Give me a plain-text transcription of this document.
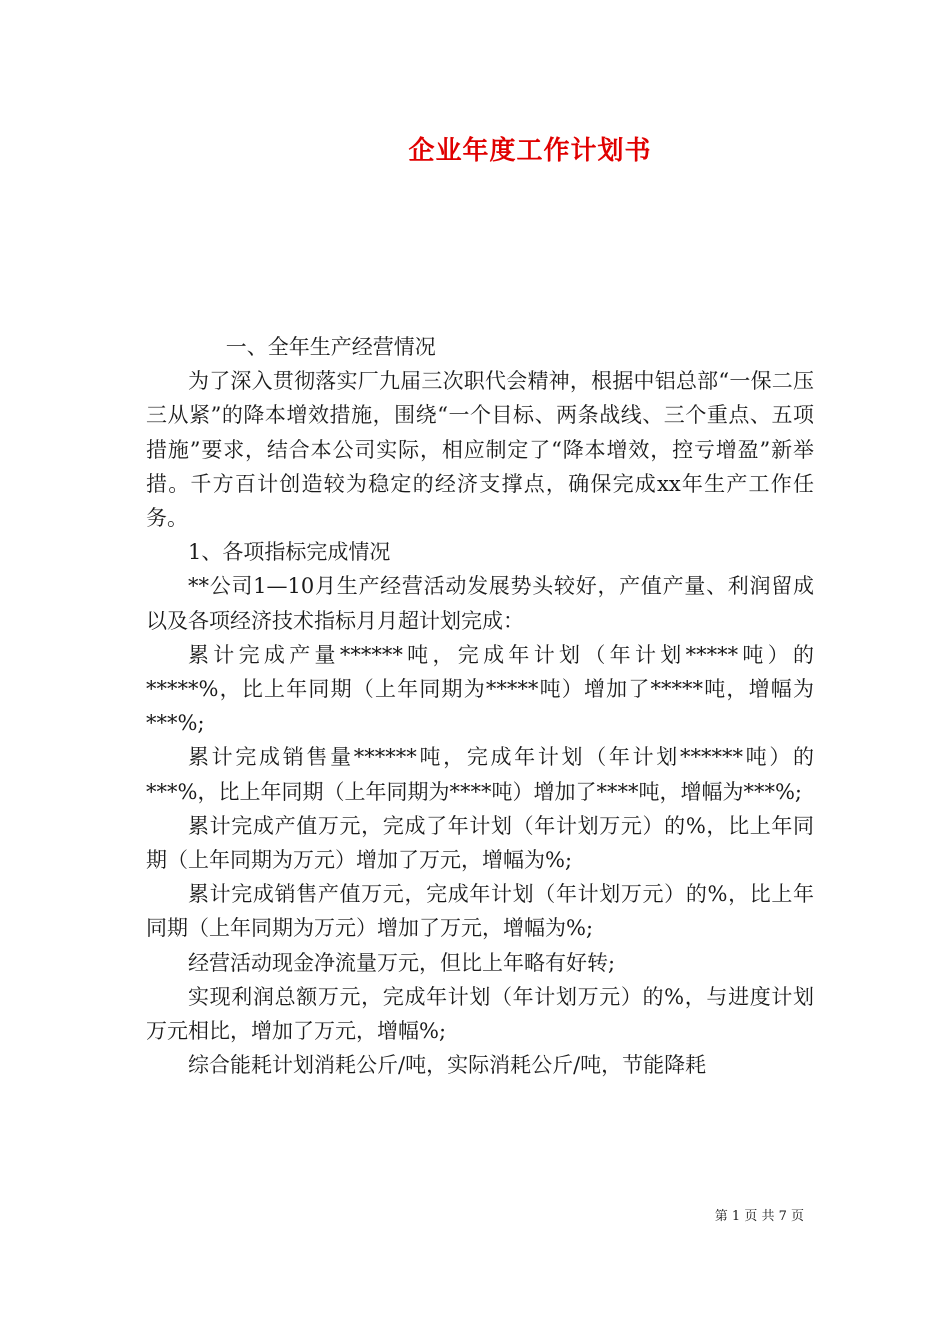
企业年度工作计划书

一、全年生产经营情况

为了深入贯彻落实厂九届三次职代会精神，根据中铝总部“一保二压三从紧”的降本增效措施，围绕“一个目标、两条战线、三个重点、五项措施”要求，结合本公司实际，相应制定了“降本增效，控亏增盈”新举措。千方百计创造较为稳定的经济支撑点，确保完成xx年生产工作任务。

1、各项指标完成情况

**公司1—10月生产经营活动发展势头较好，产值产量、利润留成以及各项经济技术指标月月超计划完成：

累计完成产量******吨，完成年计划（年计划*****吨）的*****%，比上年同期（上年同期为*****吨）增加了*****吨，增幅为***%;

累计完成销售量******吨，完成年计划（年计划******吨）的***%，比上年同期（上年同期为****吨）增加了****吨，增幅为***%;

累计完成产值万元，完成了年计划（年计划万元）的%，比上年同期（上年同期为万元）增加了万元，增幅为%;

累计完成销售产值万元，完成年计划（年计划万元）的%，比上年同期（上年同期为万元）增加了万元，增幅为%;

经营活动现金净流量万元，但比上年略有好转;

实现利润总额万元，完成年计划（年计划万元）的%，与进度计划万元相比，增加了万元，增幅%;

综合能耗计划消耗公斤/吨，实际消耗公斤/吨，节能降耗

第 1 页 共 7 页
